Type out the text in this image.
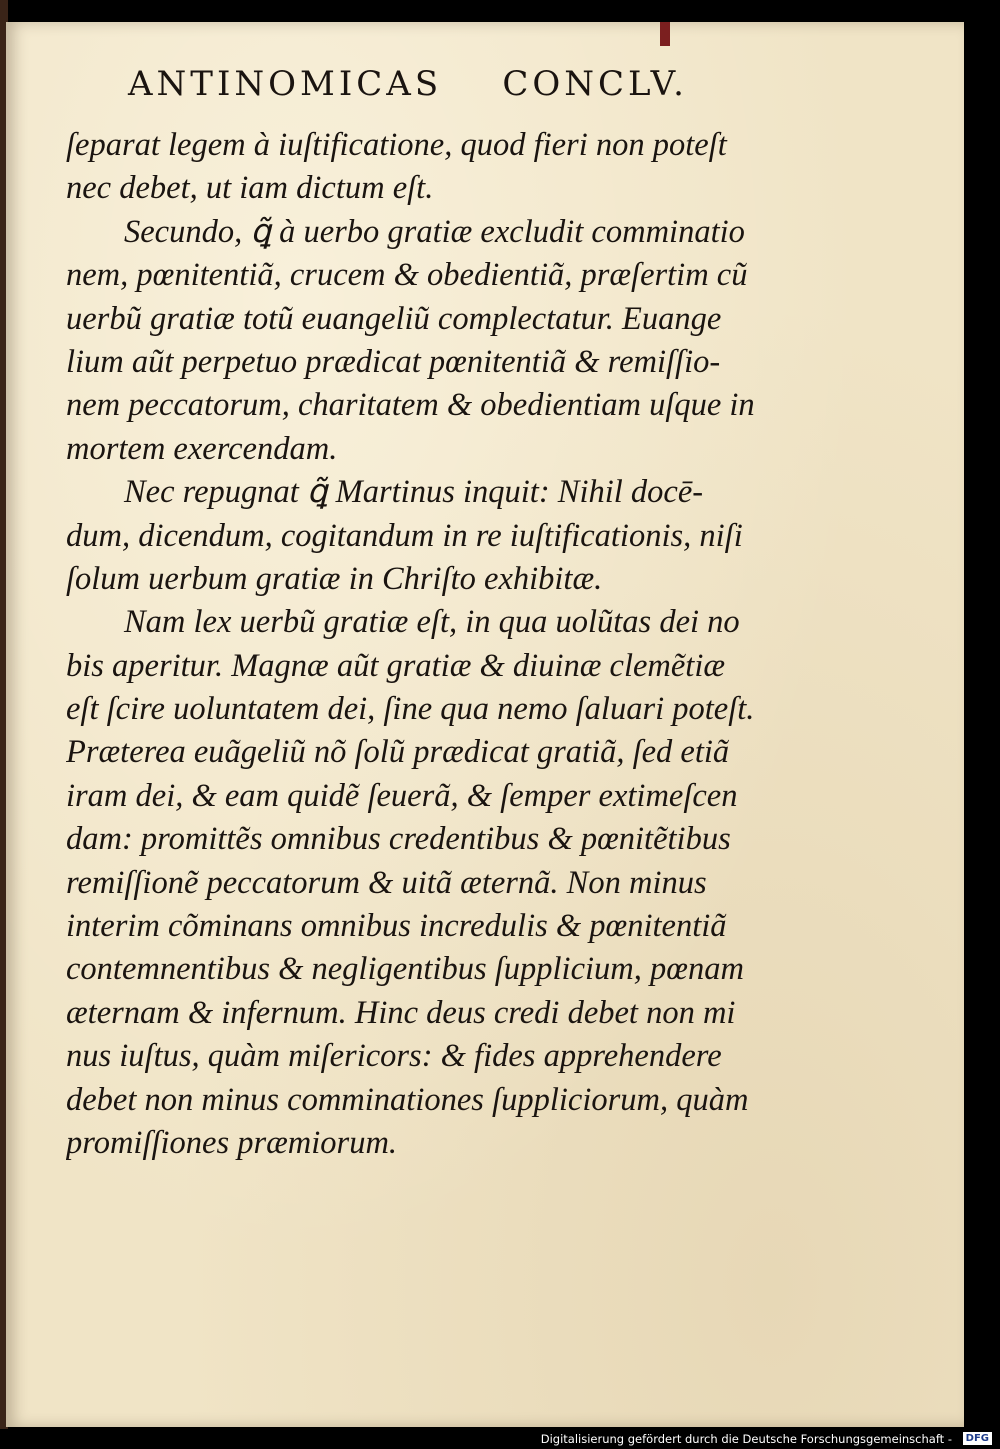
ANTINOMICAS CONCLV.
ſeparat legem à iuſtificatione, quod fieri non poteſt
nec debet, ut iam dictum eſt.
Secundo, ꝗ̃ à uerbo gratiæ excludit comminatio
nem, pœnitentiã, crucem & obedientiã, præſertim cũ
uerbũ gratiæ totũ euangeliũ complectatur. Euange
lium aũt perpetuo prædicat pœnitentiã & remiſſio-
nem peccatorum, charitatem & obedientiam uſque in
mortem exercendam.
Nec repugnat ꝗ̃ Martinus inquit: Nihil docē-
dum, dicendum, cogitandum in re iuſtificationis, niſi
ſolum uerbum gratiæ in Chriſto exhibitæ.
Nam lex uerbũ gratiæ eſt, in qua uolũtas dei no
bis aperitur. Magnæ aũt gratiæ & diuinæ clemẽtiæ
eſt ſcire uoluntatem dei, ſine qua nemo ſaluari poteſt.
Præterea euãgeliũ nõ ſolũ prædicat gratiã, ſed etiã
iram dei, & eam quidẽ ſeuerã, & ſemper extimeſcen
dam: promittẽs omnibus credentibus & pœnitẽtibus
remiſſionẽ peccatorum & uitã æternã. Non minus
interim cõminans omnibus incredulis & pœnitentiã
contemnentibus & negligentibus ſupplicium, pœnam
æternam & infernum. Hinc deus credi debet non mi
nus iuſtus, quàm miſericors: & fides apprehendere
debet non minus comminationes ſuppliciorum, quàm
promiſſiones præmiorum.
Digitalisierung gefördert durch die Deutsche Forschungsgemeinschaft -	DFG
